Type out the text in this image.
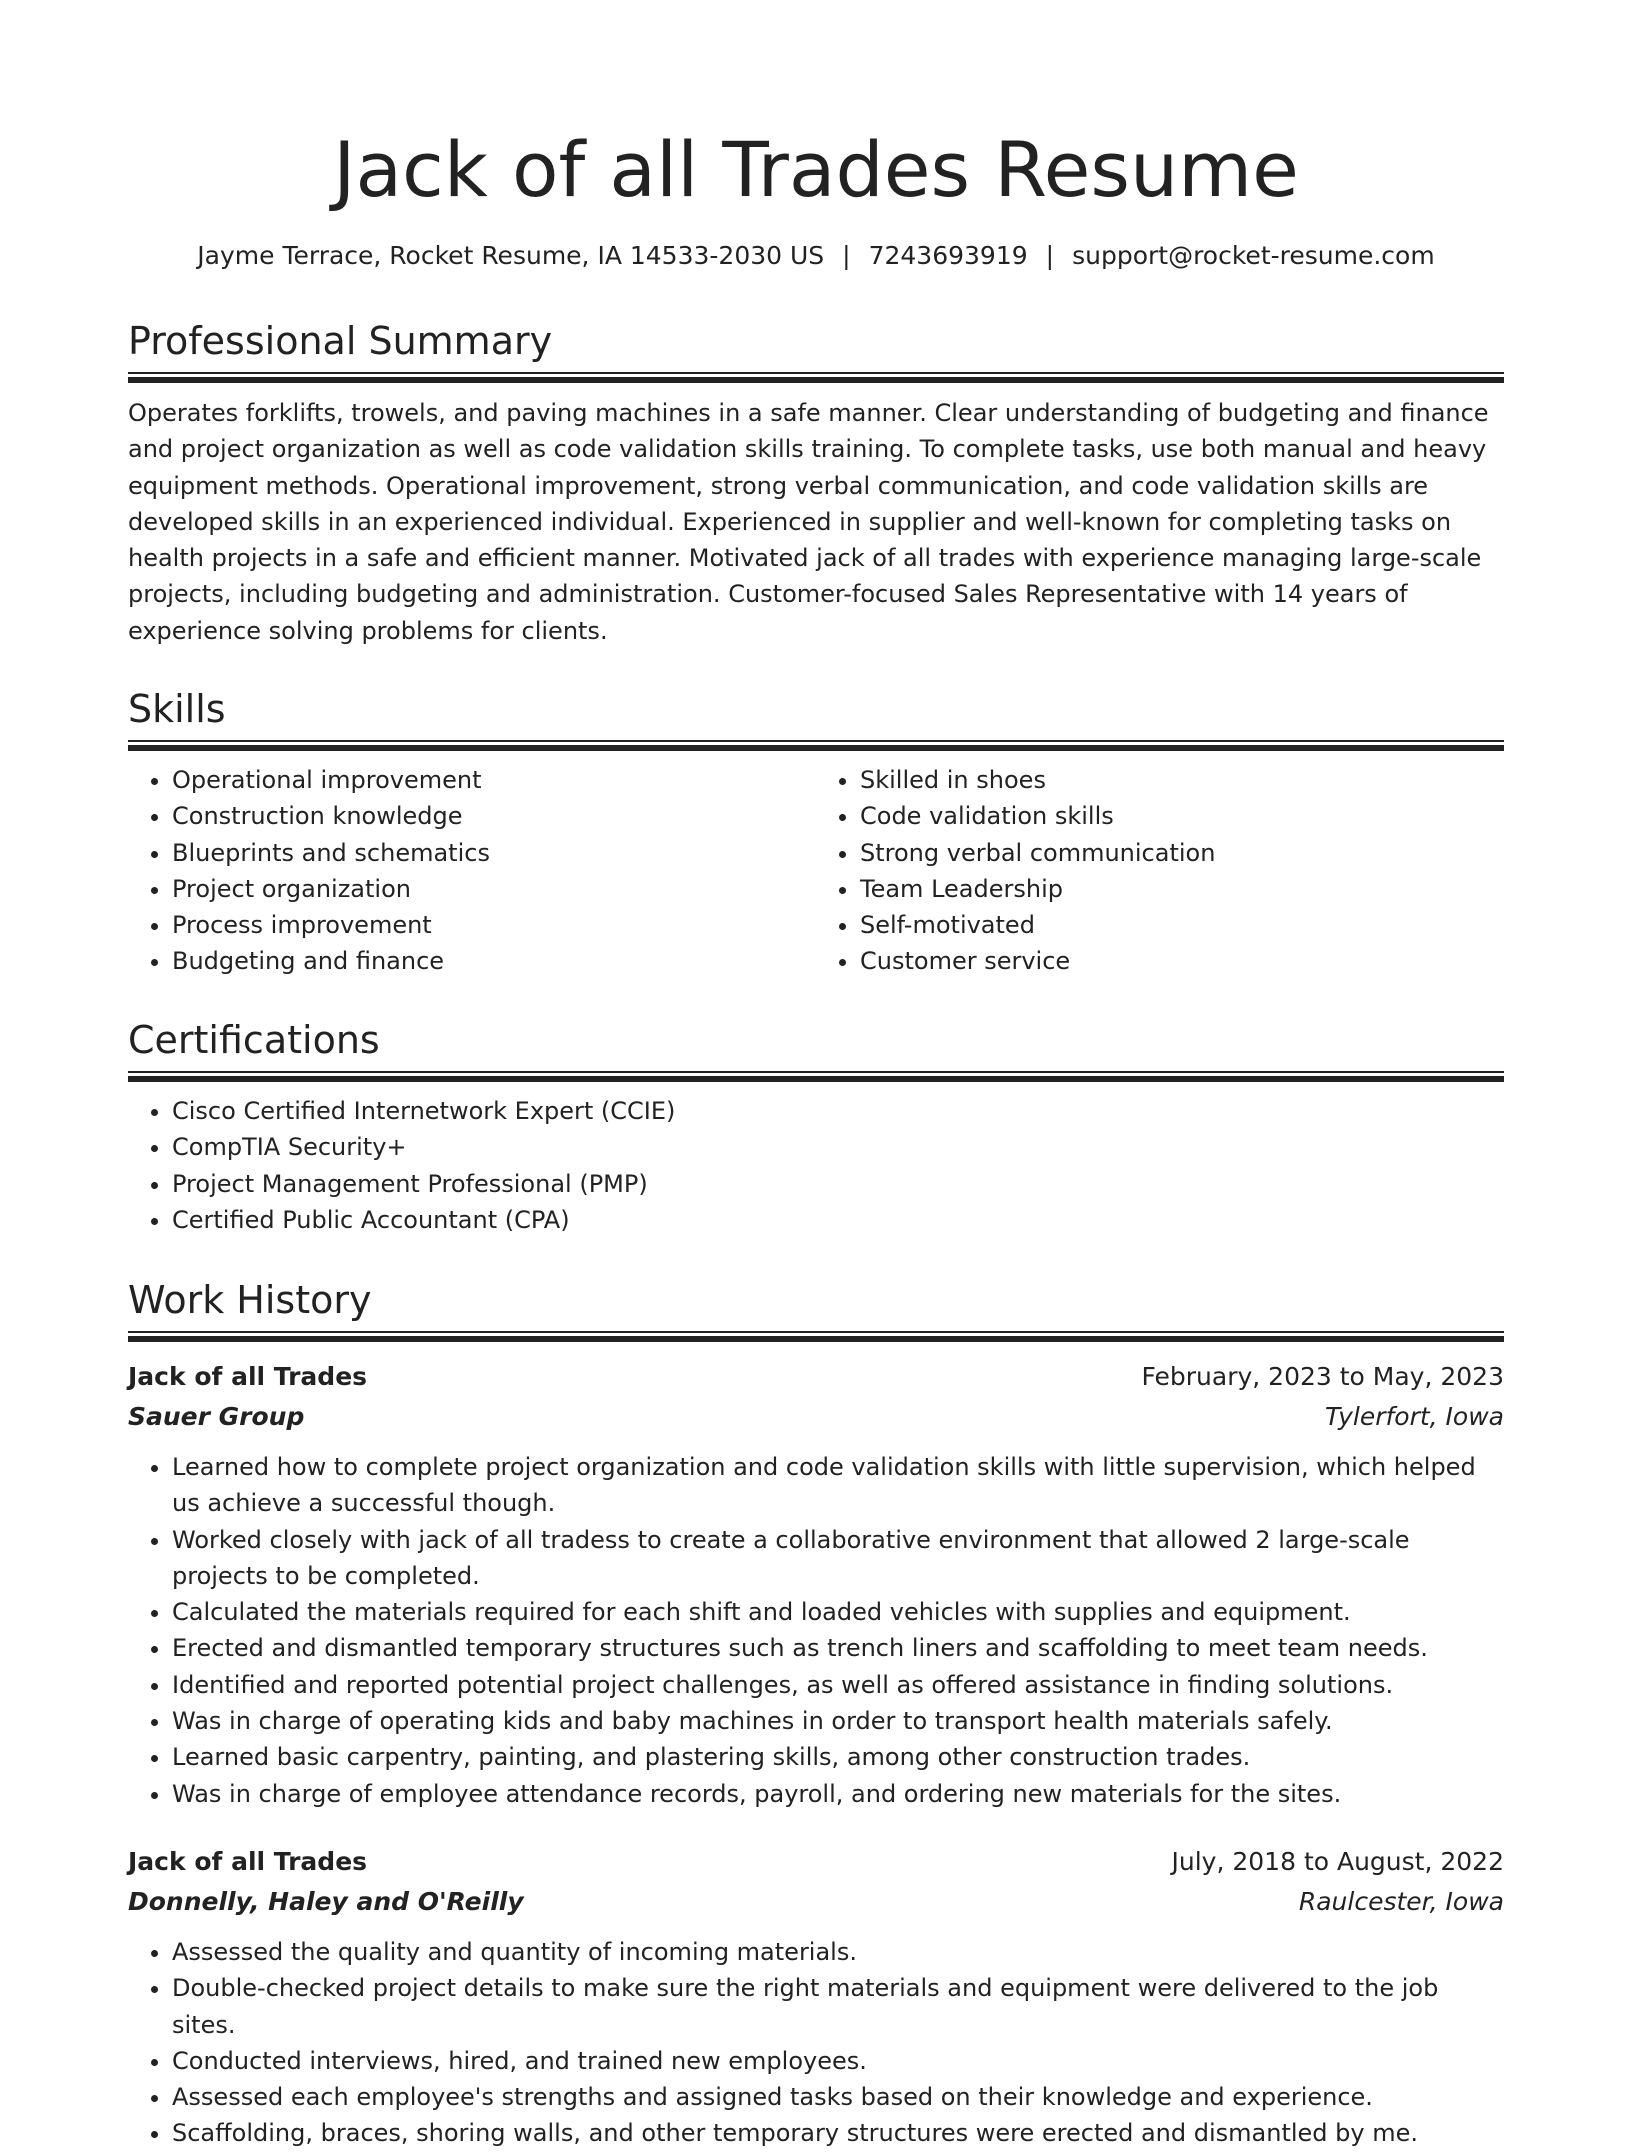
Jack of all Trades Resume
Jayme Terrace, Rocket Resume, IA 14533-2030 US | 7243693919 | support@rocket-resume.com
Professional Summary

Operates forklifts, trowels, and paving machines in a safe manner. Clear understanding of budgeting and finance and project organization as well as code validation skills training. To complete tasks, use both manual and heavy equipment methods. Operational improvement, strong verbal communication, and code validation skills are developed skills in an experienced individual. Experienced in supplier and well-known for completing tasks on health projects in a safe and efficient manner. Motivated jack of all trades with experience managing large-scale projects, including budgeting and administration. Customer-focused Sales Representative with 14 years of experience solving problems for clients.

Skills
• Operational improvement
• Construction knowledge
• Blueprints and schematics
• Project organization
• Process improvement
• Budgeting and finance
• Skilled in shoes
• Code validation skills
• Strong verbal communication
• Team Leadership
• Self-motivated
• Customer service
Certifications
• Cisco Certified Internetwork Expert (CCIE)
• CompTIA Security+
• Project Management Professional (PMP)
• Certified Public Accountant (CPA)
Work History
Jack of all Trades	February, 2023 to May, 2023
Sauer Group	Tylerfort, Iowa
• Learned how to complete project organization and code validation skills with little supervision, which helped us achieve a successful though.
• Worked closely with jack of all tradess to create a collaborative environment that allowed 2 large-scale projects to be completed.
• Calculated the materials required for each shift and loaded vehicles with supplies and equipment.
• Erected and dismantled temporary structures such as trench liners and scaffolding to meet team needs.
• Identified and reported potential project challenges, as well as offered assistance in finding solutions.
• Was in charge of operating kids and baby machines in order to transport health materials safely.
• Learned basic carpentry, painting, and plastering skills, among other construction trades.
• Was in charge of employee attendance records, payroll, and ordering new materials for the sites.
Jack of all Trades	July, 2018 to August, 2022
Donnelly, Haley and O'Reilly	Raulcester, Iowa
• Assessed the quality and quantity of incoming materials.
• Double-checked project details to make sure the right materials and equipment were delivered to the job sites.
• Conducted interviews, hired, and trained new employees.
• Assessed each employee's strengths and assigned tasks based on their knowledge and experience.
• Scaffolding, braces, shoring walls, and other temporary structures were erected and dismantled by me.
